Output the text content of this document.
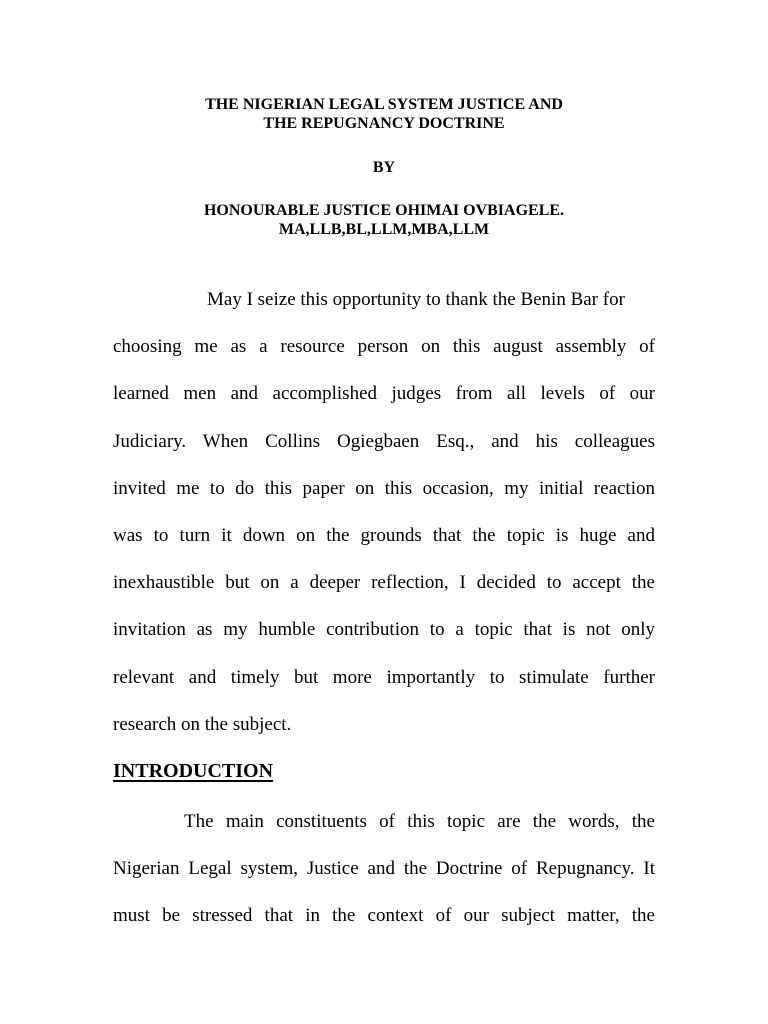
THE NIGERIAN LEGAL SYSTEM JUSTICE AND
THE REPUGNANCY DOCTRINE
BY
HONOURABLE JUSTICE OHIMAI OVBIAGELE.
MA,LLB,BL,LLM,MBA,LLM
May I seize this opportunity to thank the Benin Bar for
choosing me as a resource person on this august assembly of
learned men and accomplished judges from all levels of our
Judiciary. When Collins Ogiegbaen Esq., and his colleagues
invited me to do this paper on this occasion, my initial reaction
was to turn it down on the grounds that the topic is huge and
inexhaustible but on a deeper reflection, I decided to accept the
invitation as my humble contribution to a topic that is not only
relevant and timely but more importantly to stimulate further
research on the subject.
INTRODUCTION
The main constituents of this topic are the words, the
Nigerian Legal system, Justice and the Doctrine of Repugnancy. It
must be stressed that in the context of our subject matter, the
